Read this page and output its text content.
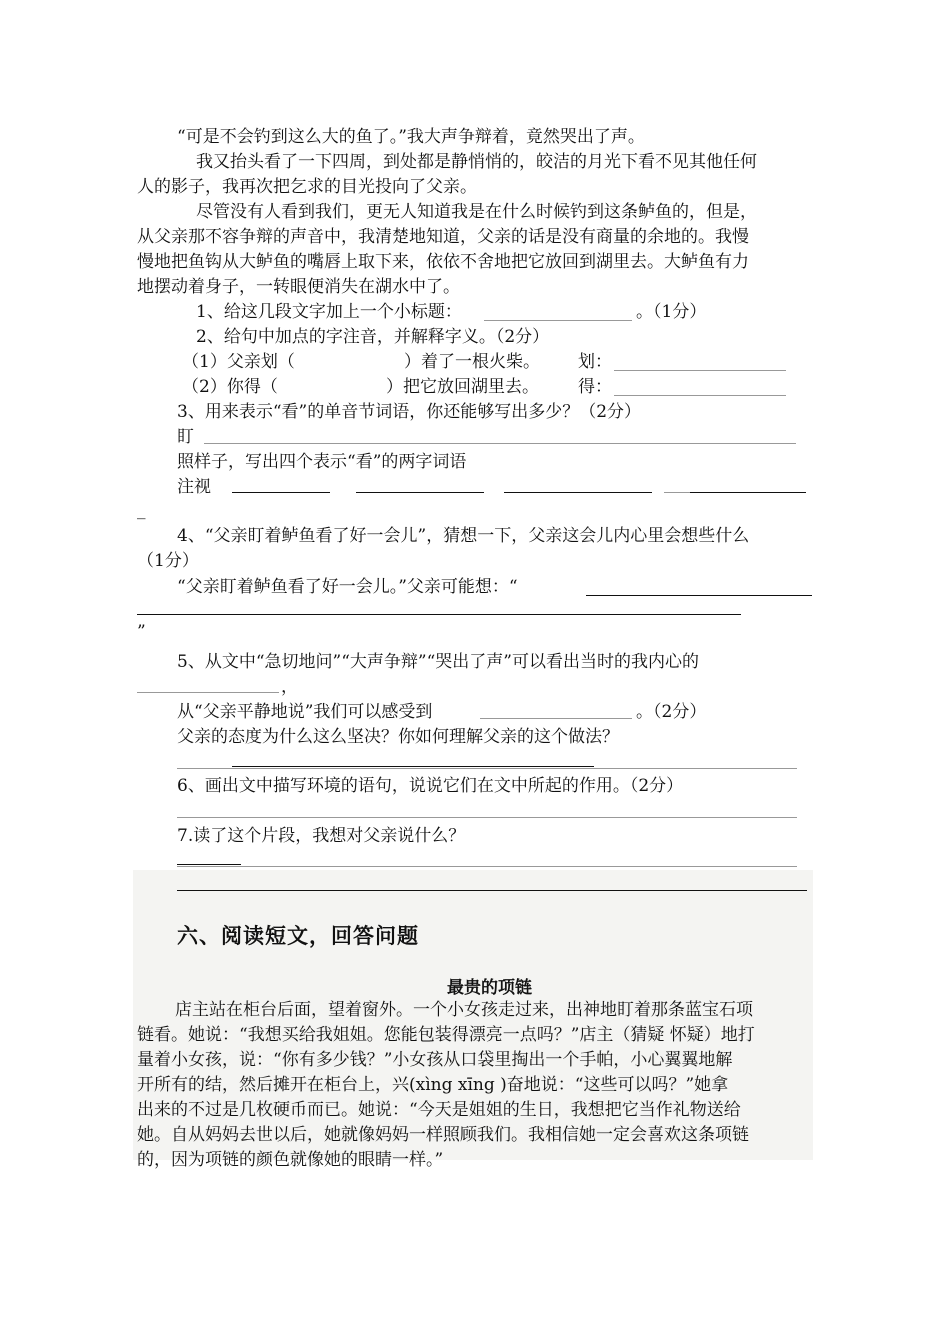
“可是不会钓到这么大的鱼了。”我大声争辩着，竟然哭出了声。
我又抬头看了一下四周，到处都是静悄悄的，皎洁的月光下看不见其他任何
人的影子，我再次把乞求的目光投向了父亲。
尽管没有人看到我们，更无人知道我是在什么时候钓到这条鲈鱼的，但是，
从父亲那不容争辩的声音中，我清楚地知道，父亲的话是没有商量的余地的。我慢
慢地把鱼钩从大鲈鱼的嘴唇上取下来，依依不舍地把它放回到湖里去。大鲈鱼有力
地摆动着身子，一转眼便消失在湖水中了。
1、给这几段文字加上一个小标题：	。（1分）
2、给句中加点的字注音，并解释字义。（2分）
（1）父亲划（	）着了一根火柴。 划：
（2）你得（	）把它放回湖里去。 得：
3、用来表示“看”的单音节词语，你还能够写出多少？（2分）
盯
照样子，写出四个表示“看”的两字词语
注视
_
4、“父亲盯着鲈鱼看了好一会儿”，猜想一下，父亲这会儿内心里会想些什么
（1分）
“父亲盯着鲈鱼看了好一会儿。”父亲可能想：“
”
5、从文中“急切地问”“大声争辩”“哭出了声”可以看出当时的我内心的
，
从“父亲平静地说”我们可以感受到	。（2分）
父亲的态度为什么这么坚决？你如何理解父亲的这个做法？
6、画出文中描写环境的语句，说说它们在文中所起的作用。（2分）
7.读了这个片段，我想对父亲说什么？
六、阅读短文，回答问题
最贵的项链
店主站在柜台后面，望着窗外。一个小女孩走过来，出神地盯着那条蓝宝石项
链看。她说：“我想买给我姐姐。您能包装得漂亮一点吗？”店主（猜疑 怀疑）地打
量着小女孩，说：“你有多少钱？”小女孩从口袋里掏出一个手帕，小心翼翼地解
开所有的结，然后摊开在柜台上，兴(xìng xīng )奋地说：“这些可以吗？”她拿
出来的不过是几枚硬币而已。她说：“今天是姐姐的生日，我想把它当作礼物送给
她。自从妈妈去世以后，她就像妈妈一样照顾我们。我相信她一定会喜欢这条项链
的，因为项链的颜色就像她的眼睛一样。”
